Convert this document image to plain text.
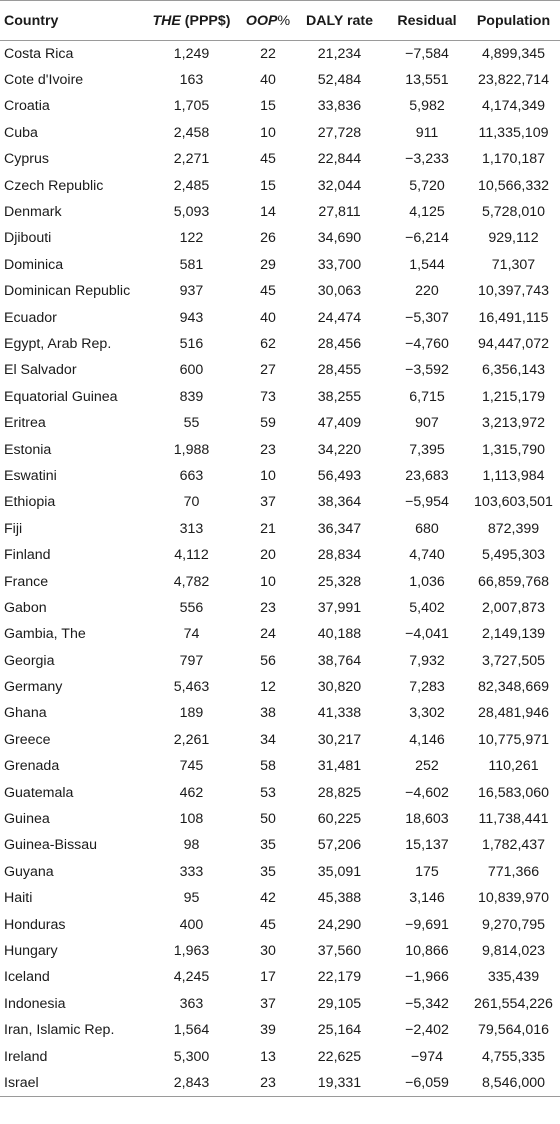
Country	THE (PPP$)	OOP%	DALY rate	Residual	Population
Costa Rica	1,249	22	21,234	−7,584	4,899,345
Cote d'Ivoire	163	40	52,484	13,551	23,822,714
Croatia	1,705	15	33,836	5,982	4,174,349
Cuba	2,458	10	27,728	911	11,335,109
Cyprus	2,271	45	22,844	−3,233	1,170,187
Czech Republic	2,485	15	32,044	5,720	10,566,332
Denmark	5,093	14	27,811	4,125	5,728,010
Djibouti	122	26	34,690	−6,214	929,112
Dominica	581	29	33,700	1,544	71,307
Dominican Republic	937	45	30,063	220	10,397,743
Ecuador	943	40	24,474	−5,307	16,491,115
Egypt, Arab Rep.	516	62	28,456	−4,760	94,447,072
El Salvador	600	27	28,455	−3,592	6,356,143
Equatorial Guinea	839	73	38,255	6,715	1,215,179
Eritrea	55	59	47,409	907	3,213,972
Estonia	1,988	23	34,220	7,395	1,315,790
Eswatini	663	10	56,493	23,683	1,113,984
Ethiopia	70	37	38,364	−5,954	103,603,501
Fiji	313	21	36,347	680	872,399
Finland	4,112	20	28,834	4,740	5,495,303
France	4,782	10	25,328	1,036	66,859,768
Gabon	556	23	37,991	5,402	2,007,873
Gambia, The	74	24	40,188	−4,041	2,149,139
Georgia	797	56	38,764	7,932	3,727,505
Germany	5,463	12	30,820	7,283	82,348,669
Ghana	189	38	41,338	3,302	28,481,946
Greece	2,261	34	30,217	4,146	10,775,971
Grenada	745	58	31,481	252	110,261
Guatemala	462	53	28,825	−4,602	16,583,060
Guinea	108	50	60,225	18,603	11,738,441
Guinea-Bissau	98	35	57,206	15,137	1,782,437
Guyana	333	35	35,091	175	771,366
Haiti	95	42	45,388	3,146	10,839,970
Honduras	400	45	24,290	−9,691	9,270,795
Hungary	1,963	30	37,560	10,866	9,814,023
Iceland	4,245	17	22,179	−1,966	335,439
Indonesia	363	37	29,105	−5,342	261,554,226
Iran, Islamic Rep.	1,564	39	25,164	−2,402	79,564,016
Ireland	5,300	13	22,625	−974	4,755,335
Israel	2,843	23	19,331	−6,059	8,546,000
